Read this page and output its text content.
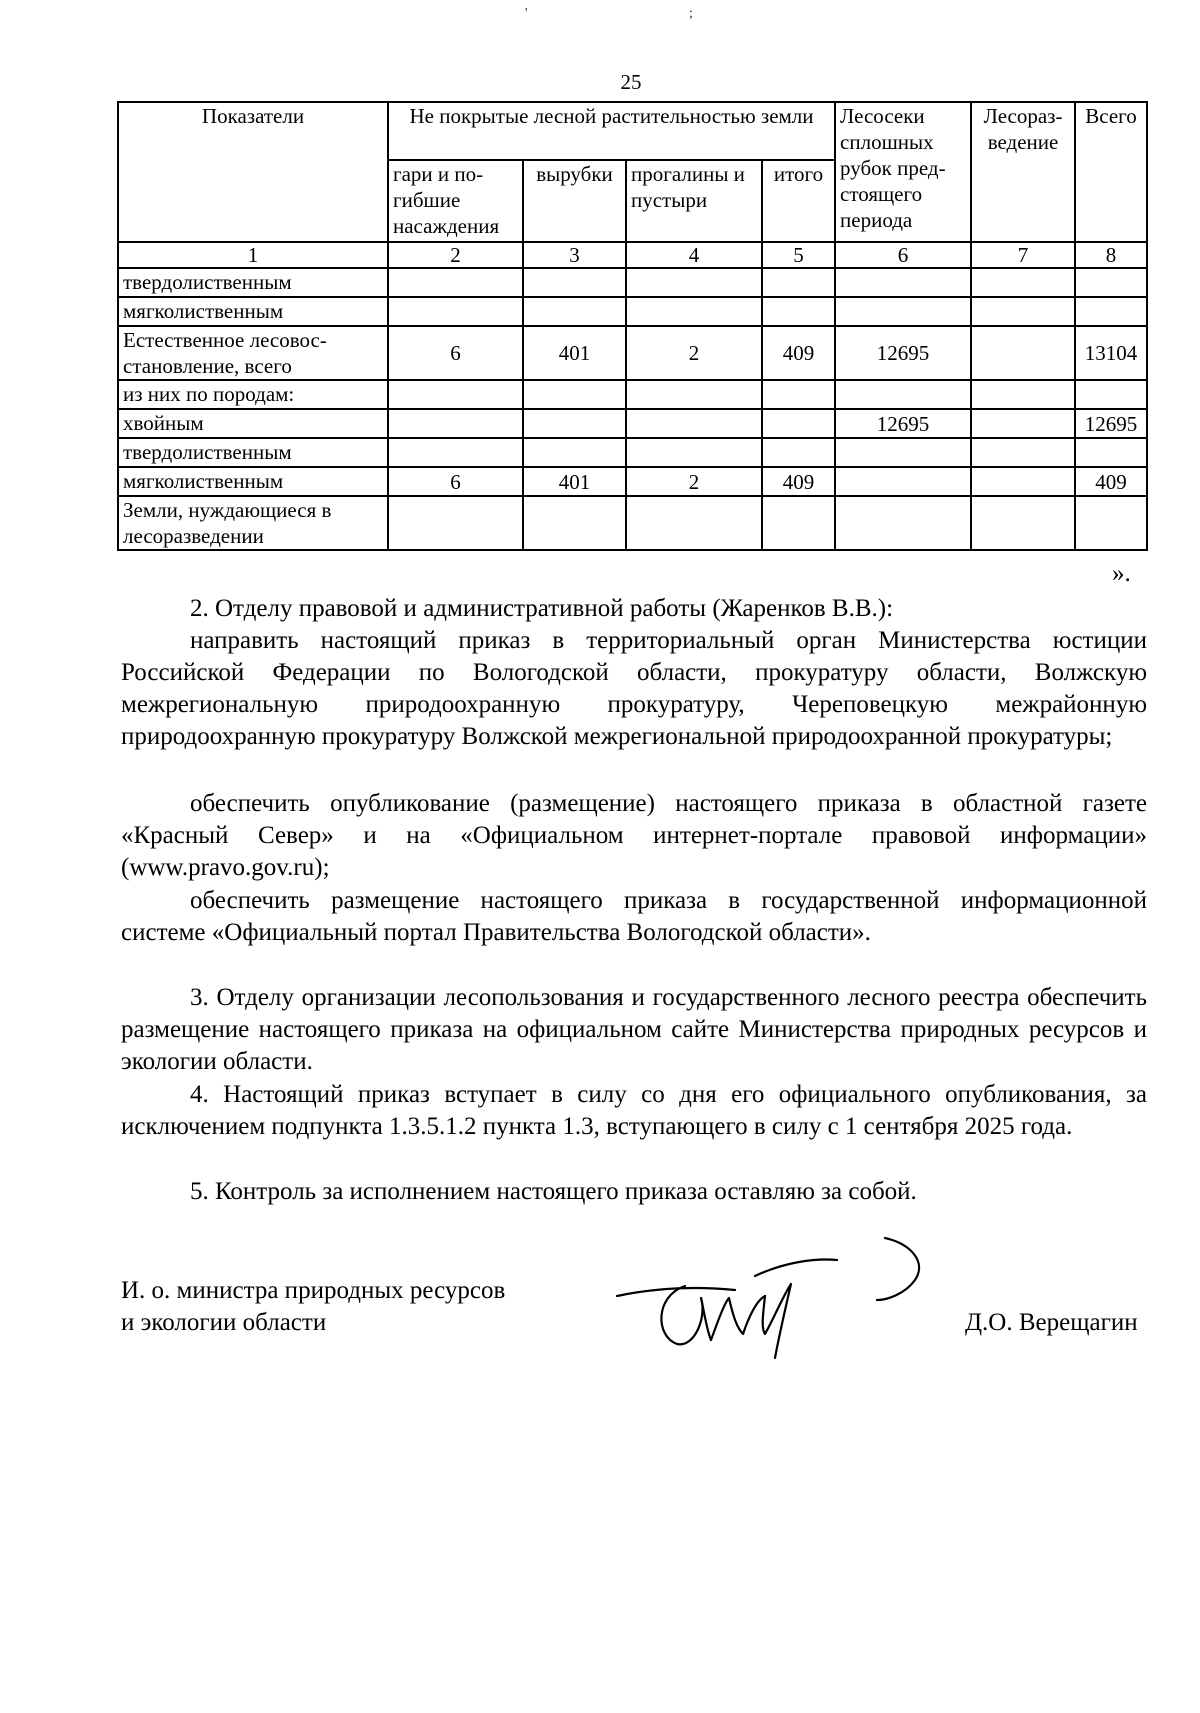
'	;
25
Показатели	Не покрытые лесной растительностью земли				Лесосеки сплошных рубок пред-стоящего периода	Лесораз-ведение	Всего
	гари и по-гибшие насаждения	вырубки	прогалины и пустыри	итого			
1	2	3	4	5	6	7	8
твердолиственным							
мягколиственным							
Естественное лесовос-становление, всего	6	401	2	409	12695		13104
из них по породам:							
хвойным					12695		12695
твердолиственным							
мягколиственным	6	401	2	409			409
Земли, нуждающиеся в лесоразведении							
».

2. Отделу правовой и административной работы (Жаренков В.В.):

направить настоящий приказ в территориальный орган Министерства юстиции Российской Федерации по Вологодской области, прокуратуру области, Волжскую межрегиональную природоохранную прокуратуру, Череповецкую межрайонную природоохранную прокуратуру Волжской межрегиональной природоохранной прокуратуры;

обеспечить опубликование (размещение) настоящего приказа в областной газете «Красный Север» и на «Официальном интернет-портале правовой информации» (www.pravo.gov.ru);

обеспечить размещение настоящего приказа в государственной информационной системе «Официальный портал Правительства Вологодской области».

3. Отделу организации лесопользования и государственного лесного реестра обеспечить размещение настоящего приказа на официальном сайте Министерства природных ресурсов и экологии области.

4. Настоящий приказ вступает в силу со дня его официального опубликования, за исключением подпункта 1.3.5.1.2 пункта 1.3, вступающего в силу с 1 сентября 2025 года.

5. Контроль за исполнением настоящего приказа оставляю за собой.

И. о. министра природных ресурсов
и экологии области	Д.О. Верещагин
